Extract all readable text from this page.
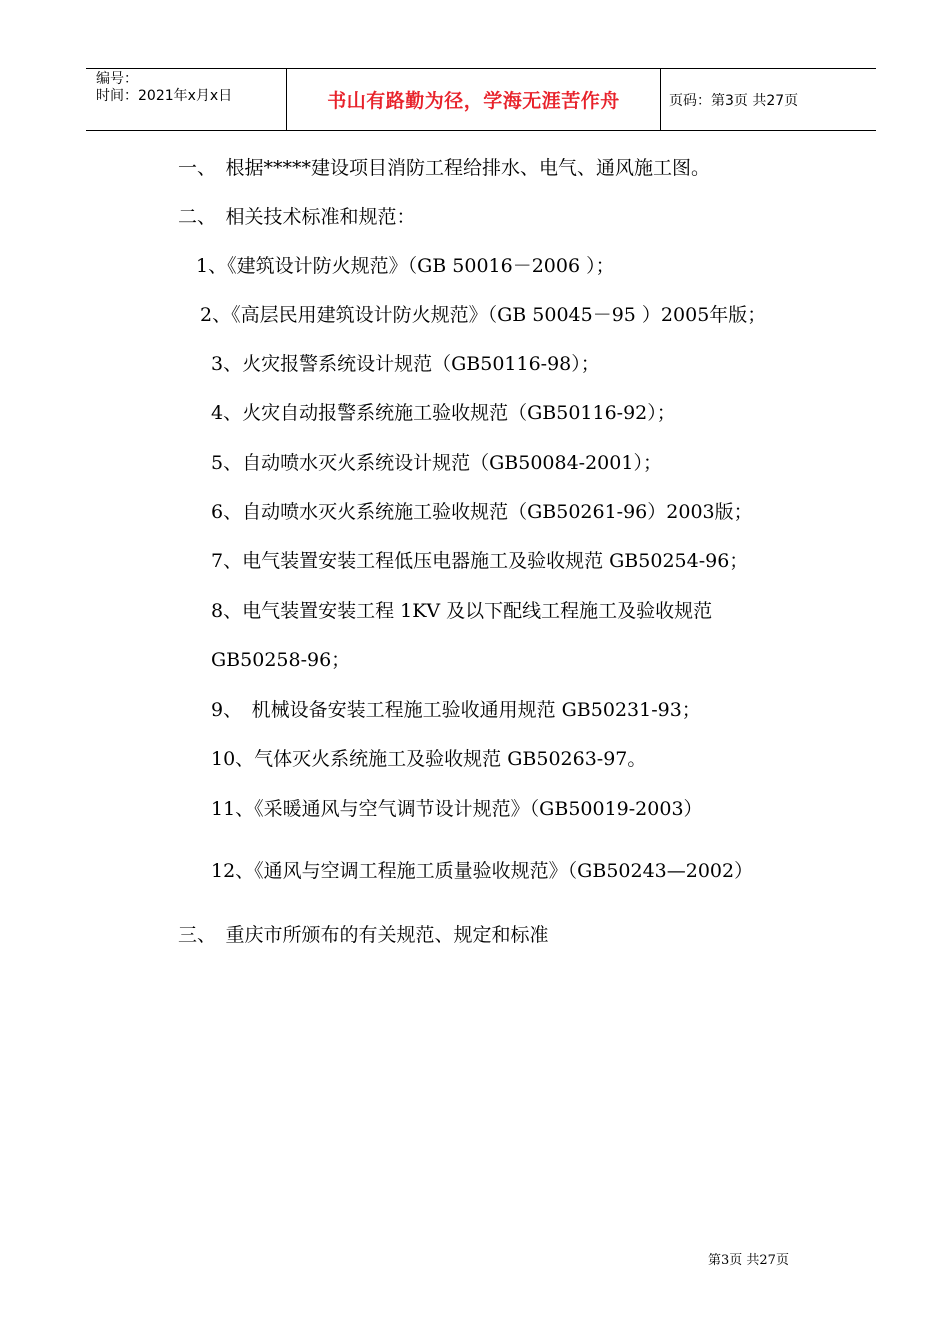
编号：
时间：2021年x月x日	书山有路勤为径，学海无涯苦作舟	页码：第3页 共27页

一、　根据*****建设项目消防工程给排水、电气、通风施工图。

二、　相关技术标准和规范：

1、《建筑设计防火规范》（GB 50016－2006 ）；

2、《高层民用建筑设计防火规范》（GB 50045－95 ）2005年版；

3、火灾报警系统设计规范（GB50116-98）；

4、火灾自动报警系统施工验收规范（GB50116-92）；

5、自动喷水灭火系统设计规范（GB50084-2001）；

6、自动喷水灭火系统施工验收规范（GB50261-96）2003版；

7、电气装置安装工程低压电器施工及验收规范 GB50254-96；

8、电气装置安装工程 1KV 及以下配线工程施工及验收规范

GB50258-96；

9、　机械设备安装工程施工验收通用规范 GB50231-93；

10、气体灭火系统施工及验收规范 GB50263-97。

11、《采暖通风与空气调节设计规范》（GB50019-2003）

12、《通风与空调工程施工质量验收规范》（GB50243—2002）

三、　重庆市所颁布的有关规范、规定和标准

第3页 共27页
